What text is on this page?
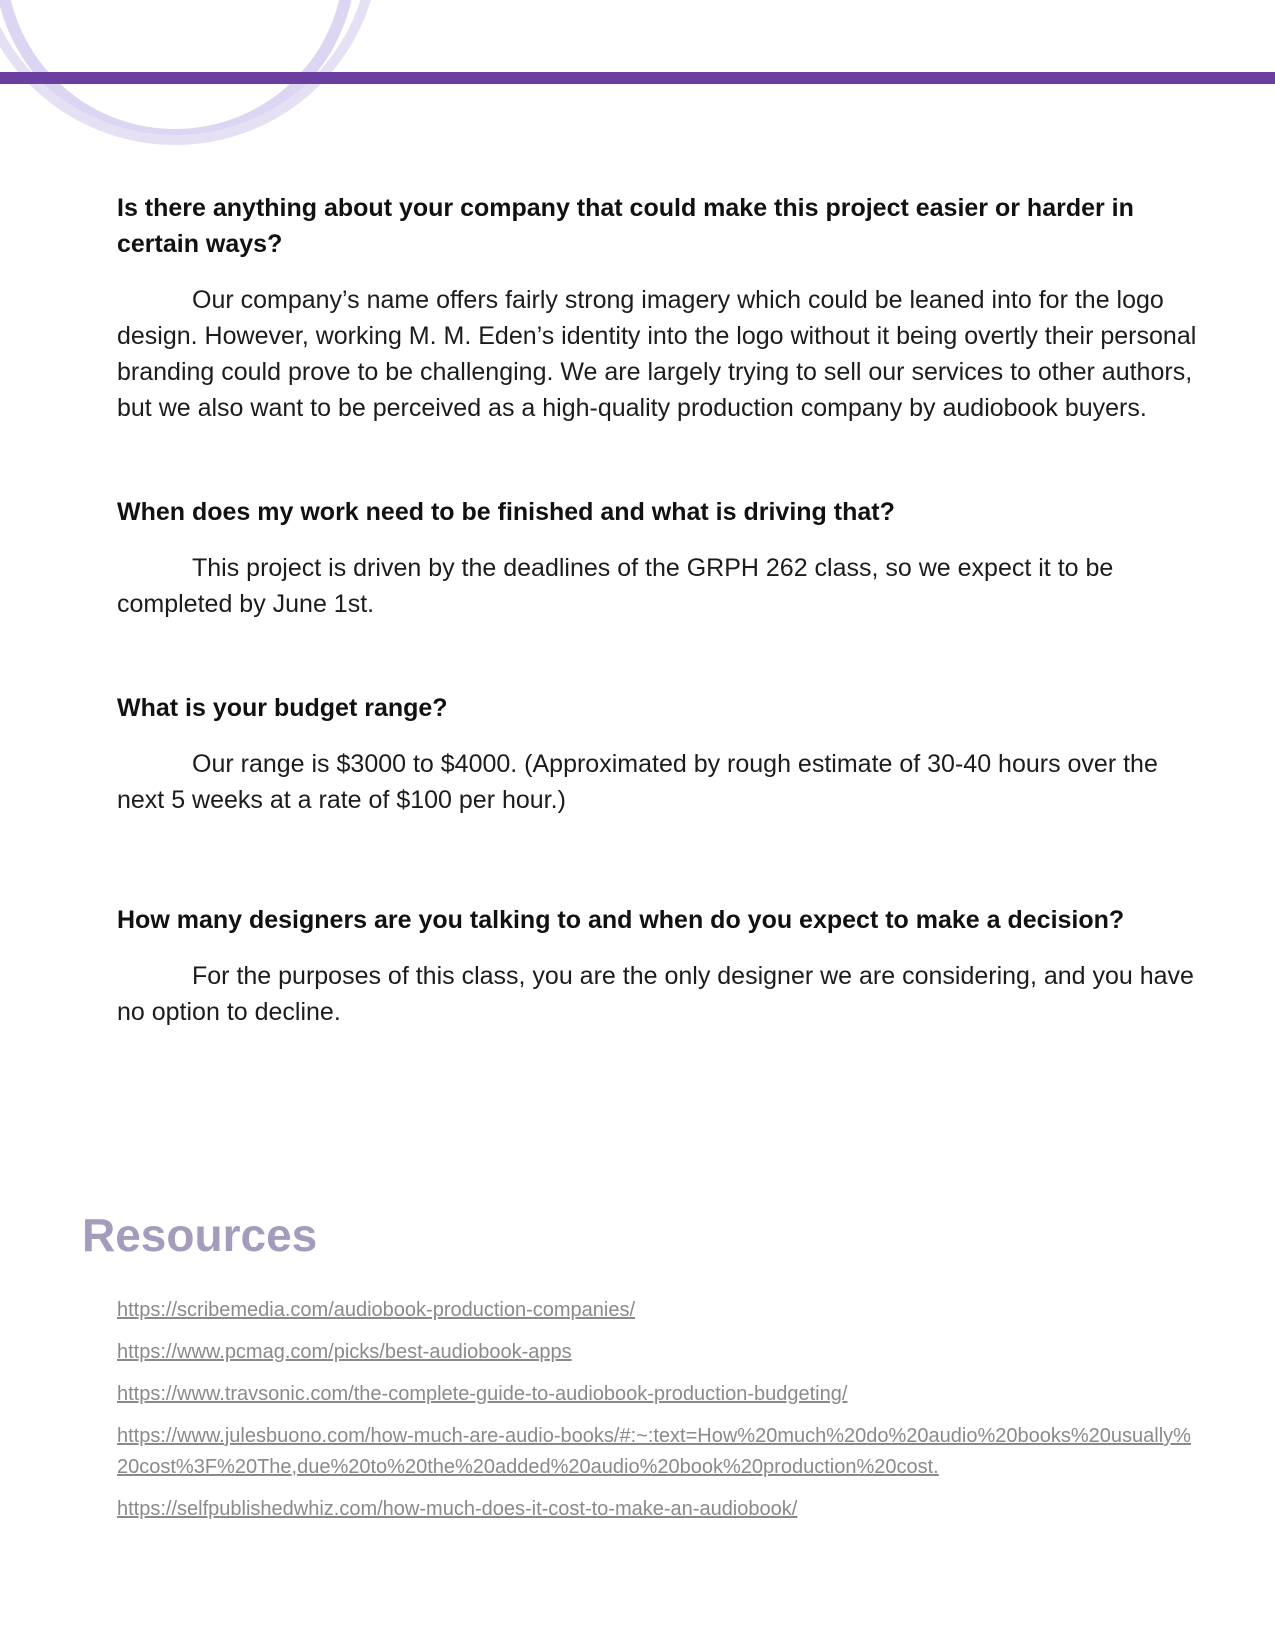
Is there anything about your company that could make this project easier or harder in certain ways?

Our company’s name offers fairly strong imagery which could be leaned into for the logo design. However, working M. M. Eden’s identity into the logo without it being overtly their personal branding could prove to be challenging. We are largely trying to sell our services to other authors, but we also want to be perceived as a high-quality production company by audiobook buyers.

When does my work need to be finished and what is driving that?

This project is driven by the deadlines of the GRPH 262 class, so we expect it to be completed by June 1st.

What is your budget range?

Our range is $3000 to $4000. (Approximated by rough estimate of 30-40 hours over the next 5 weeks at a rate of $100 per hour.)

How many designers are you talking to and when do you expect to make a decision?

For the purposes of this class, you are the only designer we are considering, and you have no option to decline.

Resources
https://scribemedia.com/audiobook-production-companies/
https://www.pcmag.com/picks/best-audiobook-apps
https://www.travsonic.com/the-complete-guide-to-audiobook-production-budgeting/
https://www.julesbuono.com/how-much-are-audio-books/#:~:text=How%20much%20do%20audio%20books%20usually%20cost%3F%20The,due%20to%20the%20added%20audio%20book%20production%20cost.
https://selfpublishedwhiz.com/how-much-does-it-cost-to-make-an-audiobook/
